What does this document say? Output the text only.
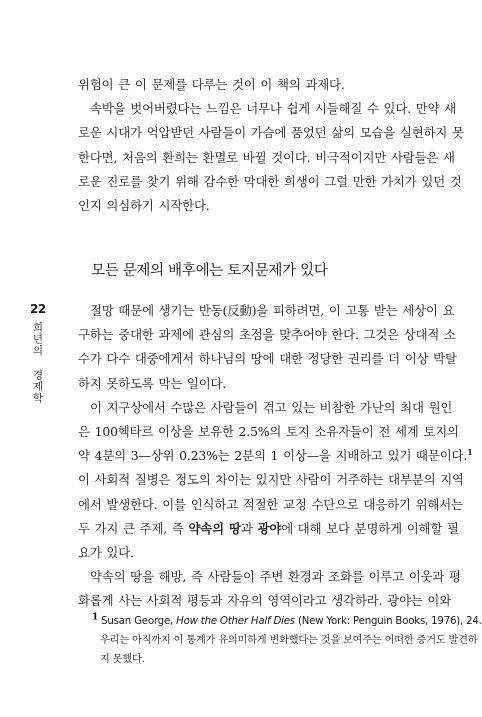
위험이 큰 이 문제를 다루는 것이 이 책의 과제다.

속박을 벗어버렸다는 느낌은 너무나 쉽게 시들해질 수 있다. 만약 새

로운 시대가 억압받던 사람들이 가슴에 품었던 삶의 모습을 실현하지 못

한다면, 처음의 환희는 환멸로 바뀔 것이다. 비극적이지만 사람들은 새

로운 진로를 찾기 위해 감수한 막대한 희생이 그럴 만한 가치가 있던 것

인지 의심하기 시작한다.

모든 문제의 배후에는 토지문제가 있다
22
희년의 경제학

절망 때문에 생기는 반동(反動)을 피하려면, 이 고통 받는 세상이 요

구하는 중대한 과제에 관심의 초점을 맞추어야 한다. 그것은 상대적 소

수가 다수 대중에게서 하나님의 땅에 대한 정당한 권리를 더 이상 박탈

하지 못하도록 막는 일이다.

이 지구상에서 수많은 사람들이 겪고 있는 비참한 가난의 최대 원인

은 100헥타르 이상을 보유한 2.5%의 토지 소유자들이 전 세계 토지의

약 4분의 3—상위 0.23%는 2분의 1 이상—을 지배하고 있기 때문이다.$^1$

이 사회적 질병은 정도의 차이는 있지만 사람이 거주하는 대부분의 지역

에서 발생한다. 이를 인식하고 적절한 교정 수단으로 대응하기 위해서는

두 가지 큰 주제, 즉 약속의 땅과 광야에 대해 보다 분명하게 이해할 필

요가 있다.

약속의 땅을 해방, 즉 사람들이 주변 환경과 조화를 이루고 이웃과 평

화롭게 사는 사회적 평등과 자유의 영역이라고 생각하라. 광야는 이와

1 Susan George, How the Other Half Dies (New York: Penguin Books, 1976), 24.

우리는 아직까지 이 통계가 유의미하게 변화했다는 것을 보여주는 어떠한 증거도 발견하

지 못했다.
